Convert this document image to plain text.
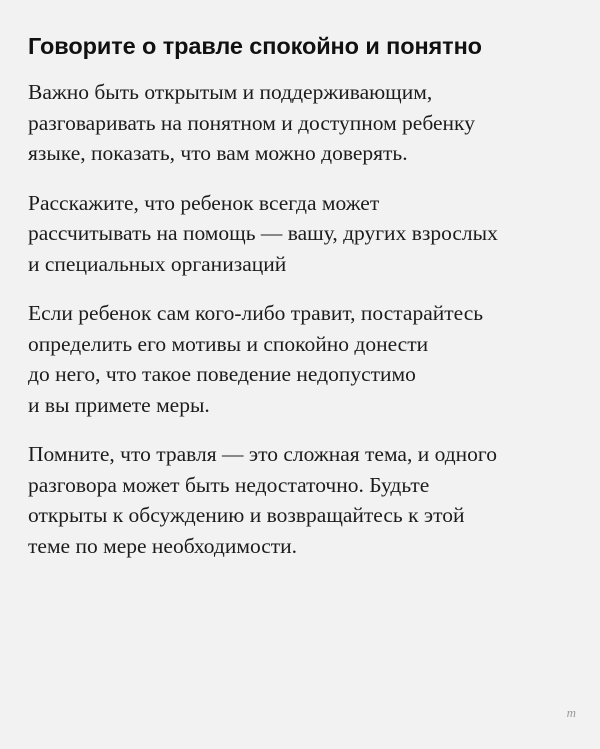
Говорите о травле спокойно и понятно

Важно быть открытым и поддерживающим,
разговаривать на понятном и доступном ребенку
языке, показать, что вам можно доверять.

Расскажите, что ребенок всегда может
рассчитывать на помощь — вашу, других взрослых
и специальных организаций

Если ребенок сам кого-либо травит, постарайтесь
определить его мотивы и спокойно донести
до него, что такое поведение недопустимо
и вы примете меры.

Помните, что травля — это сложная тема, и одного
разговора может быть недостаточно. Будьте
открыты к обсуждению и возвращайтесь к этой
теме по мере необходимости.

m
